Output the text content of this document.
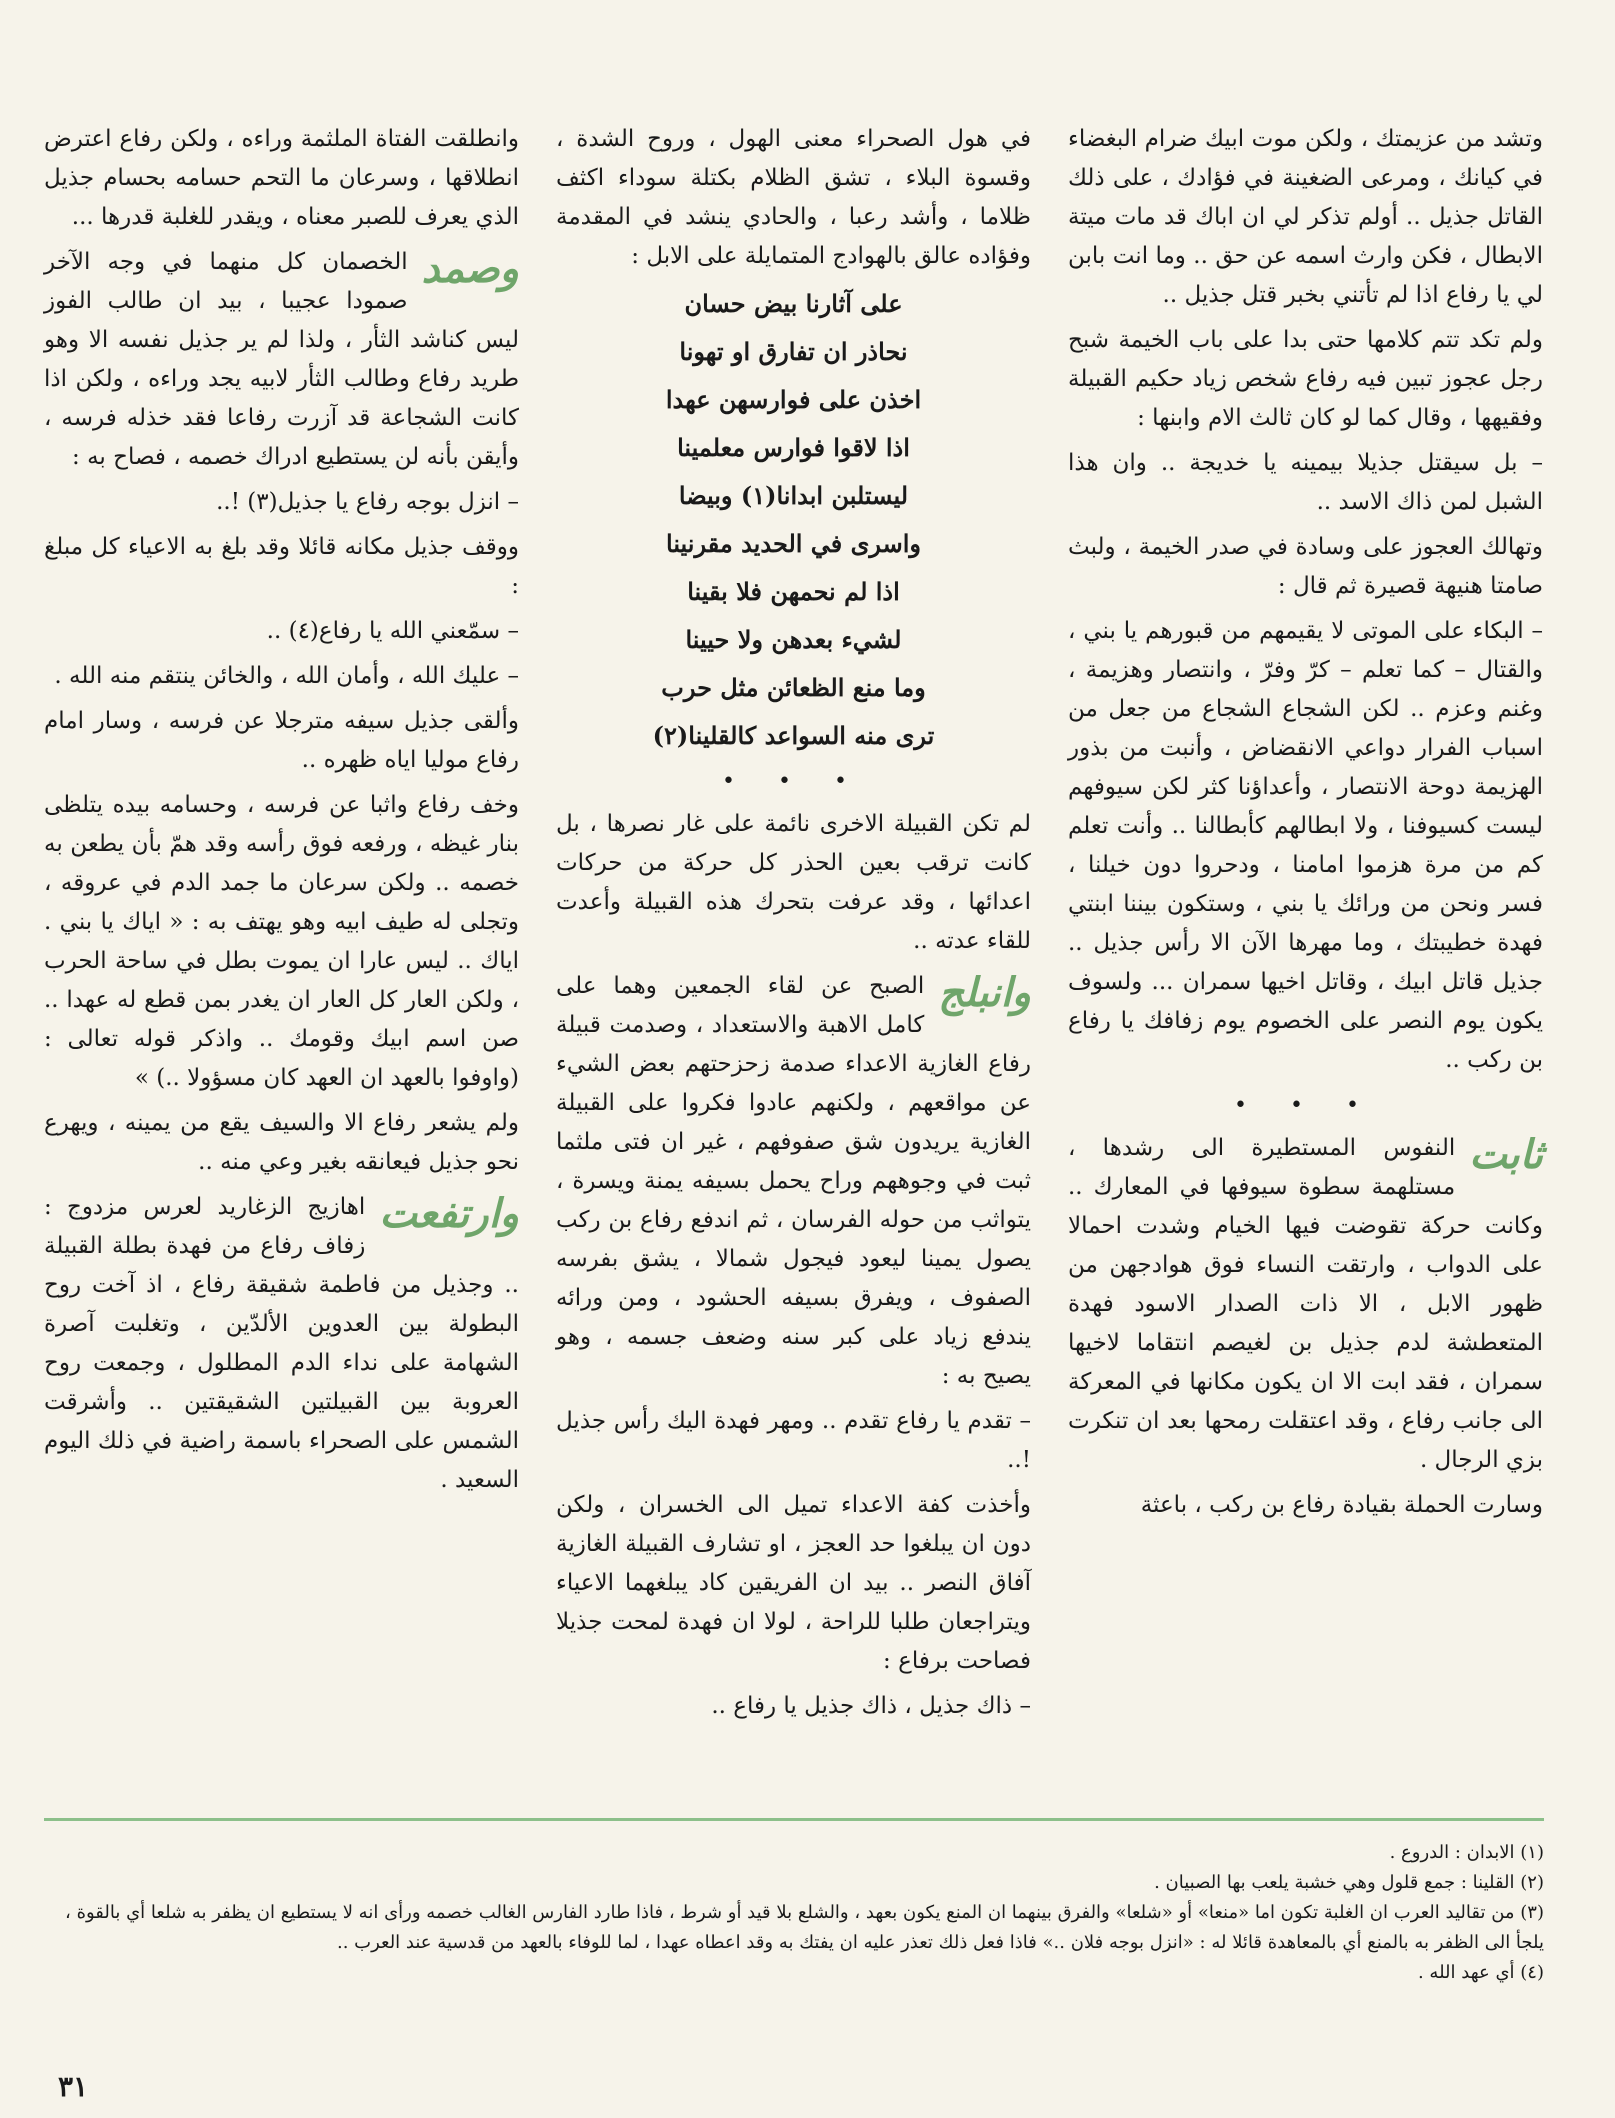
وتشد من عزيمتك ، ولكن موت ابيك ضرام البغضاء في كيانك ، ومرعى الضغينة في فؤادك ، على ذلك القاتل جذيل .. أولم تذكر لي ان اباك قد مات ميتة الابطال ، فكن وارث اسمه عن حق .. وما انت بابن لي يا رفاع اذا لم تأتني بخبر قتل جذيل ..

ولم تكد تتم كلامها حتى بدا على باب الخيمة شبح رجل عجوز تبين فيه رفاع شخص زياد حكيم القبيلة وفقيهها ، وقال كما لو كان ثالث الام وابنها :

– بل سيقتل جذيلا بيمينه يا خديجة .. وان هذا الشبل لمن ذاك الاسد ..

وتهالك العجوز على وسادة في صدر الخيمة ، ولبث صامتا هنيهة قصيرة ثم قال :

– البكاء على الموتى لا يقيمهم من قبورهم يا بني ، والقتال – كما تعلم – كرّ وفرّ ، وانتصار وهزيمة ، وغنم وعزم .. لكن الشجاع الشجاع من جعل من اسباب الفرار دواعي الانقضاض ، وأنبت من بذور الهزيمة دوحة الانتصار ، وأعداؤنا كثر لكن سيوفهم ليست كسيوفنا ، ولا ابطالهم كأبطالنا .. وأنت تعلم كم من مرة هزموا امامنا ، ودحروا دون خيلنا ، فسر ونحن من ورائك يا بني ، وستكون بيننا ابنتي فهدة خطيبتك ، وما مهرها الآن الا رأس جذيل .. جذيل قاتل ابيك ، وقاتل اخيها سمران ... ولسوف يكون يوم النصر على الخصوم يوم زفافك يا رفاع بن ركب ..

• • •

ثابت
النفوس المستطيرة الى رشدها ، مستلهمة سطوة سيوفها في المعارك .. وكانت حركة تقوضت فيها الخيام وشدت احمالا على الدواب ، وارتقت النساء فوق هوادجهن من ظهور الابل ، الا ذات الصدار الاسود فهدة المتعطشة لدم جذيل بن لغيصم انتقاما لاخيها سمران ، فقد ابت الا ان يكون مكانها في المعركة الى جانب رفاع ، وقد اعتقلت رمحها بعد ان تنكرت بزي الرجال .

وسارت الحملة بقيادة رفاع بن ركب ، باعثة

في هول الصحراء معنى الهول ، وروح الشدة ، وقسوة البلاء ، تشق الظلام بكتلة سوداء اكثف ظلاما ، وأشد رعبا ، والحادي ينشد في المقدمة وفؤاده عالق بالهوادج المتمايلة على الابل :

على آثارنا بيض حسان
نحاذر ان تفارق او تهونا
اخذن على فوارسهن عهدا
اذا لاقوا فوارس معلمينا
ليستلبن ابدانا(١) وبيضا
واسرى في الحديد مقرنينا
اذا لم نحمهن فلا بقينا
لشيء بعدهن ولا حيينا
وما منع الظعائن مثل حرب
ترى منه السواعد كالقلينا(٢)
• • •

لم تكن القبيلة الاخرى نائمة على غار نصرها ، بل كانت ترقب بعين الحذر كل حركة من حركات اعدائها ، وقد عرفت بتحرك هذه القبيلة وأعدت للقاء عدته ..

وانبلج
الصبح عن لقاء الجمعين وهما على كامل الاهبة والاستعداد ، وصدمت قبيلة رفاع الغازية الاعداء صدمة زحزحتهم بعض الشيء عن مواقعهم ، ولكنهم عادوا فكروا على القبيلة الغازية يريدون شق صفوفهم ، غير ان فتى ملثما ثبت في وجوههم وراح يحمل بسيفه يمنة ويسرة ، يتواثب من حوله الفرسان ، ثم اندفع رفاع بن ركب يصول يمينا ليعود فيجول شمالا ، يشق بفرسه الصفوف ، ويفرق بسيفه الحشود ، ومن ورائه يندفع زياد على كبر سنه وضعف جسمه ، وهو يصيح به :

– تقدم يا رفاع تقدم .. ومهر فهدة اليك رأس جذيل !..

وأخذت كفة الاعداء تميل الى الخسران ، ولكن دون ان يبلغوا حد العجز ، او تشارف القبيلة الغازية آفاق النصر .. بيد ان الفريقين كاد يبلغهما الاعياء ويتراجعان طلبا للراحة ، لولا ان فهدة لمحت جذيلا فصاحت برفاع :

– ذاك جذيل ، ذاك جذيل يا رفاع ..

وانطلقت الفتاة الملثمة وراءه ، ولكن رفاع اعترض انطلاقها ، وسرعان ما التحم حسامه بحسام جذيل الذي يعرف للصبر معناه ، ويقدر للغلبة قدرها ...

وصمد
الخصمان كل منهما في وجه الآخر صمودا عجيبا ، بيد ان طالب الفوز ليس كناشد الثأر ، ولذا لم ير جذيل نفسه الا وهو طريد رفاع وطالب الثأر لابيه يجد وراءه ، ولكن اذا كانت الشجاعة قد آزرت رفاعا فقد خذله فرسه ، وأيقن بأنه لن يستطيع ادراك خصمه ، فصاح به :

– انزل بوجه رفاع يا جذيل(٣) !..

ووقف جذيل مكانه قائلا وقد بلغ به الاعياء كل مبلغ :

– سمّعني الله يا رفاع(٤) ..

– عليك الله ، وأمان الله ، والخائن ينتقم منه الله .

وألقى جذيل سيفه مترجلا عن فرسه ، وسار امام رفاع موليا اياه ظهره ..

وخف رفاع واثبا عن فرسه ، وحسامه بيده يتلظى بنار غيظه ، ورفعه فوق رأسه وقد همّ بأن يطعن به خصمه .. ولكن سرعان ما جمد الدم في عروقه ، وتجلى له طيف ابيه وهو يهتف به : « اياك يا بني . اياك .. ليس عارا ان يموت بطل في ساحة الحرب ، ولكن العار كل العار ان يغدر بمن قطع له عهدا .. صن اسم ابيك وقومك .. واذكر قوله تعالى : (واوفوا بالعهد ان العهد كان مسؤولا ..) »

ولم يشعر رفاع الا والسيف يقع من يمينه ، ويهرع نحو جذيل فيعانقه بغير وعي منه ..

وارتفعت
اهازيج الزغاريد لعرس مزدوج : زفاف رفاع من فهدة بطلة القبيلة .. وجذيل من فاطمة شقيقة رفاع ، اذ آخت روح البطولة بين العدوين الألدّين ، وتغلبت آصرة الشهامة على نداء الدم المطلول ، وجمعت روح العروبة بين القبيلتين الشقيقتين .. وأشرقت الشمس على الصحراء باسمة راضية في ذلك اليوم السعيد .

(١) الابدان : الدروع .
(٢) القلينا : جمع قلول وهي خشبة يلعب بها الصبيان .
(٣) من تقاليد العرب ان الغلبة تكون اما «منعا» أو «شلعا» والفرق بينهما ان المنع يكون بعهد ، والشلع بلا قيد أو شرط ، فاذا طارد الفارس الغالب خصمه ورأى انه لا يستطيع ان يظفر به شلعا أي بالقوة ، يلجأ الى الظفر به بالمنع أي بالمعاهدة قائلا له : «انزل بوجه فلان ..» فاذا فعل ذلك تعذر عليه ان يفتك به وقد اعطاه عهدا ، لما للوفاء بالعهد من قدسية عند العرب ..
(٤) أي عهد الله .
٣١
